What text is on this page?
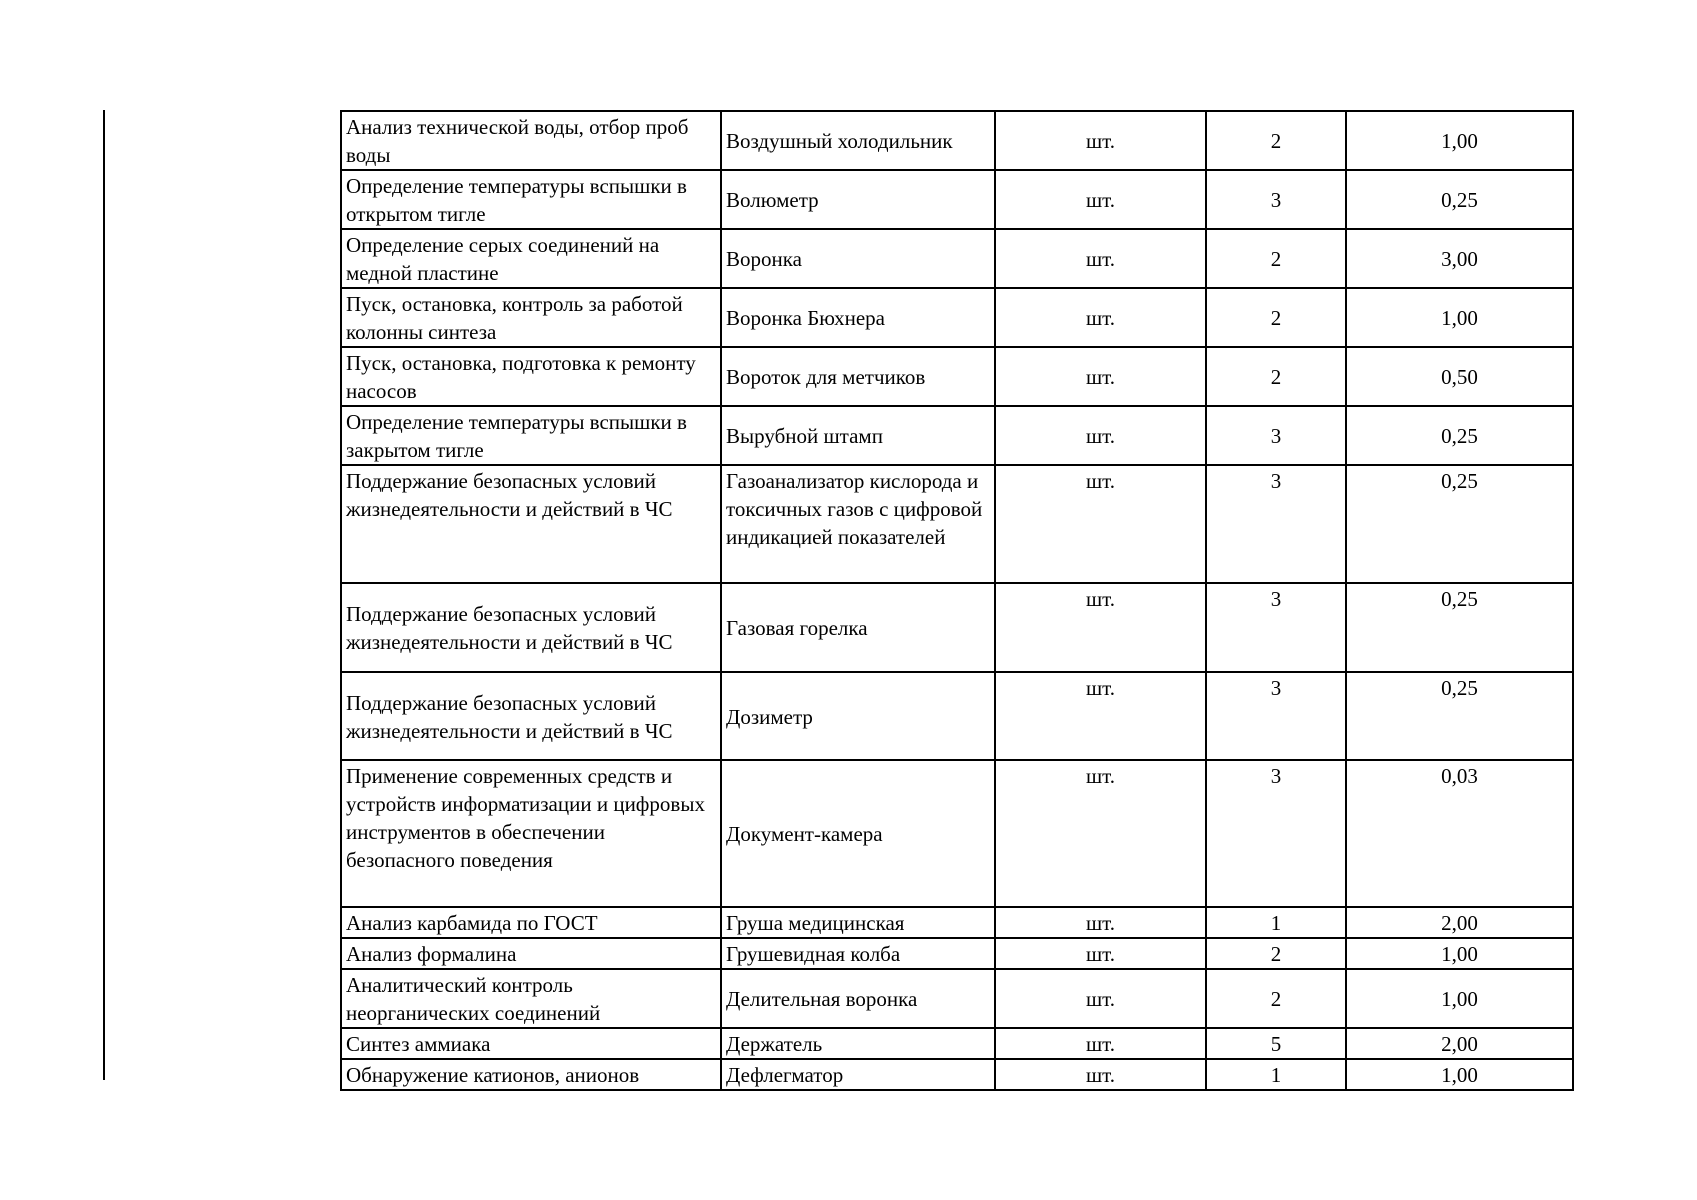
Анализ технической воды, отбор проб воды	Воздушный холодильник	шт.	2	1,00
Определение температуры вспышки в открытом тигле	Волюметр	шт.	3	0,25
Определение серых соединений на медной пластине	Воронка	шт.	2	3,00
Пуск, остановка, контроль за работой колонны синтеза	Воронка Бюхнера	шт.	2	1,00
Пуск, остановка, подготовка к ремонту насосов	Вороток для метчиков	шт.	2	0,50
Определение температуры вспышки в закрытом тигле	Вырубной штамп	шт.	3	0,25
Поддержание безопасных условий жизнедеятельности и действий в ЧС	Газоанализатор кислорода и токсичных газов с цифровой индикацией показателей	шт.	3	0,25
Поддержание безопасных условий жизнедеятельности и действий в ЧС	Газовая горелка	шт.	3	0,25
Поддержание безопасных условий жизнедеятельности и действий в ЧС	Дозиметр	шт.	3	0,25
Применение современных средств и устройств информатизации и цифровых инструментов в обеспечении безопасного поведения	Документ-камера	шт.	3	0,03
Анализ карбамида по ГОСТ	Груша медицинская	шт.	1	2,00
Анализ формалина	Грушевидная колба	шт.	2	1,00
Аналитический контроль неорганических соединений	Делительная воронка	шт.	2	1,00
Синтез аммиака	Держатель	шт.	5	2,00
Обнаружение катионов, анионов	Дефлегматор	шт.	1	1,00
